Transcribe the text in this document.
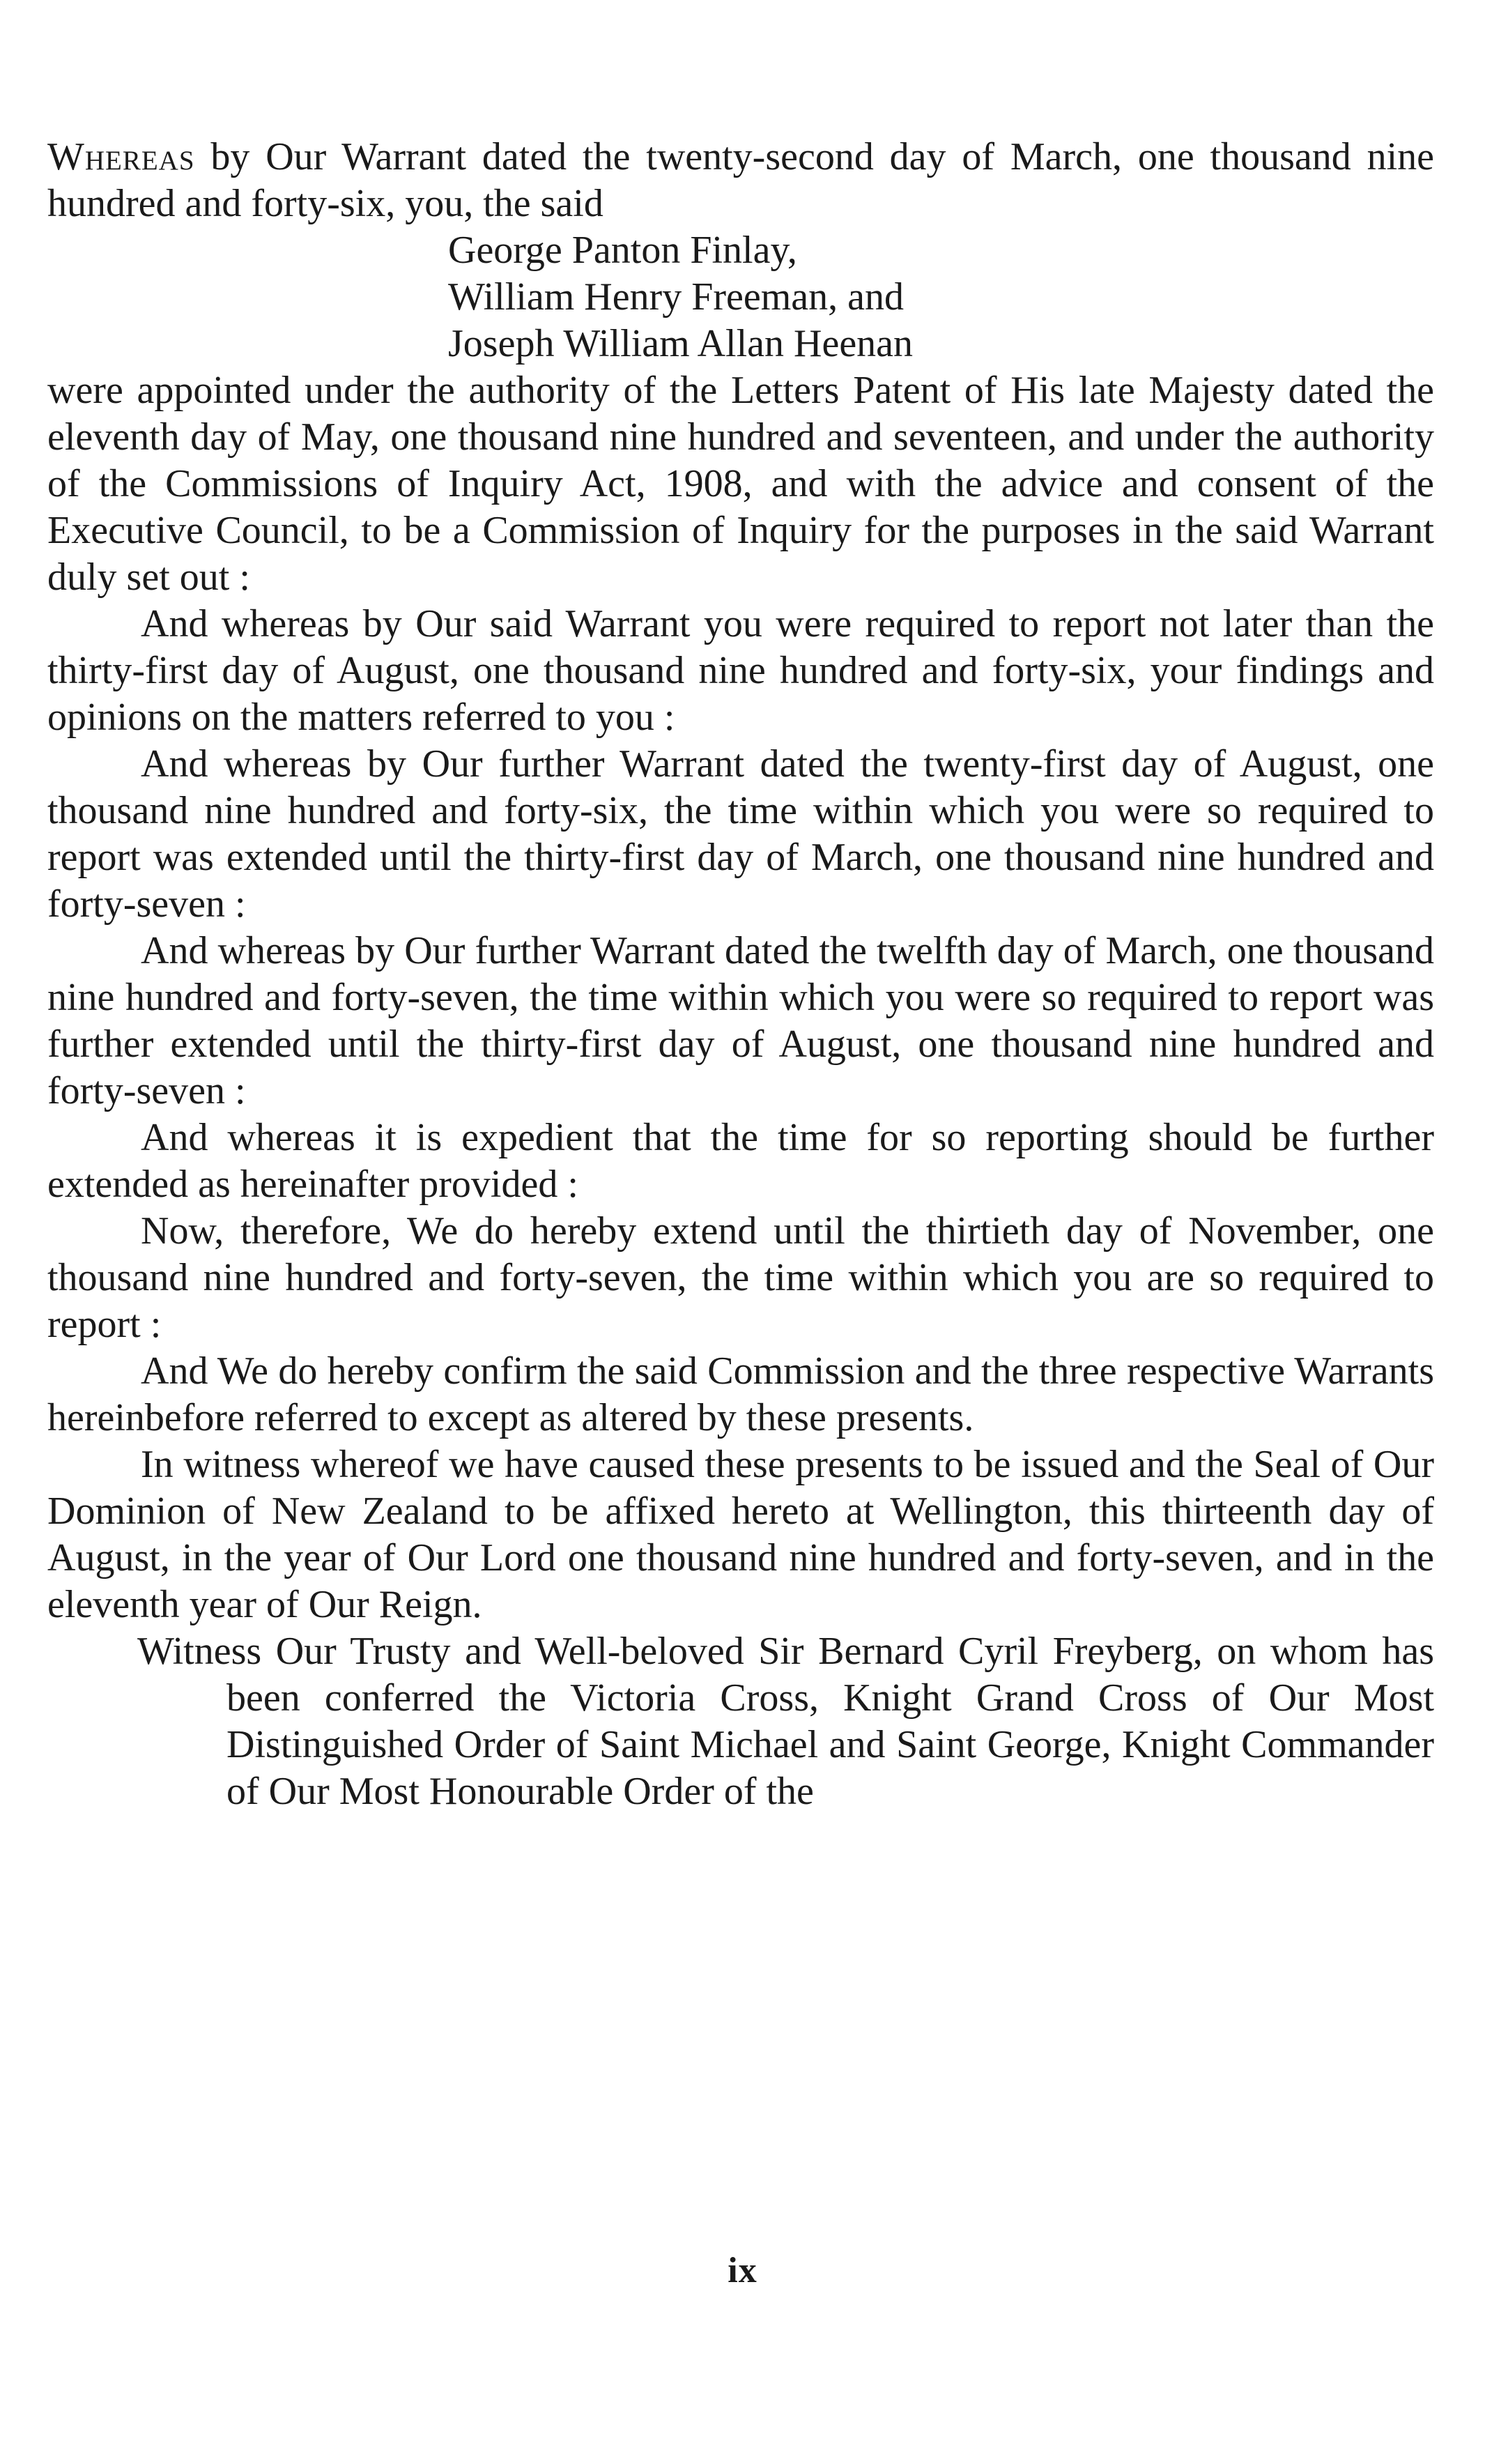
Whereas by Our Warrant dated the twenty-second day of March, one thousand nine hundred and forty-six, you, the said

George Panton Finlay,
William Henry Freeman, and
Joseph William Allan Heenan

were appointed under the authority of the Letters Patent of His late Majesty dated the eleventh day of May, one thousand nine hundred and seventeen, and under the authority of the Commissions of Inquiry Act, 1908, and with the advice and consent of the Executive Council, to be a Commission of Inquiry for the purposes in the said Warrant duly set out :

And whereas by Our said Warrant you were required to report not later than the thirty-first day of August, one thousand nine hundred and forty-six, your findings and opinions on the matters referred to you :

And whereas by Our further Warrant dated the twenty-first day of August, one thousand nine hundred and forty-six, the time within which you were so required to report was extended until the thirty-first day of March, one thousand nine hundred and forty-seven :

And whereas by Our further Warrant dated the twelfth day of March, one thousand nine hundred and forty-seven, the time within which you were so required to report was further extended until the thirty-first day of August, one thousand nine hundred and forty-seven :

And whereas it is expedient that the time for so reporting should be further extended as hereinafter provided :

Now, therefore, We do hereby extend until the thirtieth day of November, one thousand nine hundred and forty-seven, the time within which you are so required to report :

And We do hereby confirm the said Commission and the three respective Warrants hereinbefore referred to except as altered by these presents.

In witness whereof we have caused these presents to be issued and the Seal of Our Dominion of New Zealand to be affixed hereto at Wellington, this thirteenth day of August, in the year of Our Lord one thousand nine hundred and forty-seven, and in the eleventh year of Our Reign.

Witness Our Trusty and Well-beloved Sir Bernard Cyril Freyberg, on whom has been conferred the Victoria Cross, Knight Grand Cross of Our Most Distinguished Order of Saint Michael and Saint George, Knight Commander of Our Most Honourable Order of the

ix
